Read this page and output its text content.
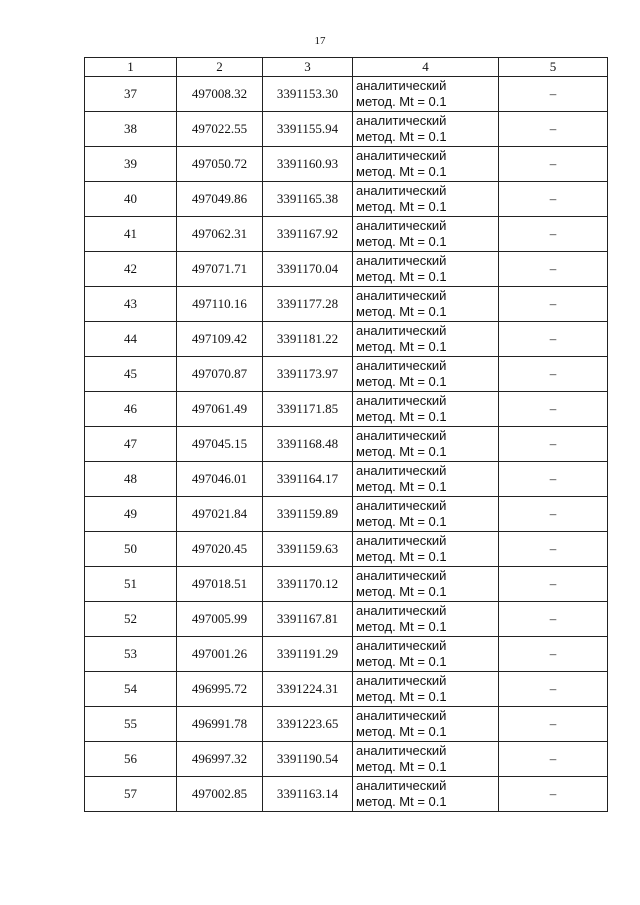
17
1	2	3	4	5
37	497008.32	3391153.30	аналитический
метод. Mt = 0.1	–
38	497022.55	3391155.94	аналитический
метод. Mt = 0.1	–
39	497050.72	3391160.93	аналитический
метод. Mt = 0.1	–
40	497049.86	3391165.38	аналитический
метод. Mt = 0.1	–
41	497062.31	3391167.92	аналитический
метод. Mt = 0.1	–
42	497071.71	3391170.04	аналитический
метод. Mt = 0.1	–
43	497110.16	3391177.28	аналитический
метод. Mt = 0.1	–
44	497109.42	3391181.22	аналитический
метод. Mt = 0.1	–
45	497070.87	3391173.97	аналитический
метод. Mt = 0.1	–
46	497061.49	3391171.85	аналитический
метод. Mt = 0.1	–
47	497045.15	3391168.48	аналитический
метод. Mt = 0.1	–
48	497046.01	3391164.17	аналитический
метод. Mt = 0.1	–
49	497021.84	3391159.89	аналитический
метод. Mt = 0.1	–
50	497020.45	3391159.63	аналитический
метод. Mt = 0.1	–
51	497018.51	3391170.12	аналитический
метод. Mt = 0.1	–
52	497005.99	3391167.81	аналитический
метод. Mt = 0.1	–
53	497001.26	3391191.29	аналитический
метод. Mt = 0.1	–
54	496995.72	3391224.31	аналитический
метод. Mt = 0.1	–
55	496991.78	3391223.65	аналитический
метод. Mt = 0.1	–
56	496997.32	3391190.54	аналитический
метод. Mt = 0.1	–
57	497002.85	3391163.14	аналитический
метод. Mt = 0.1	–
